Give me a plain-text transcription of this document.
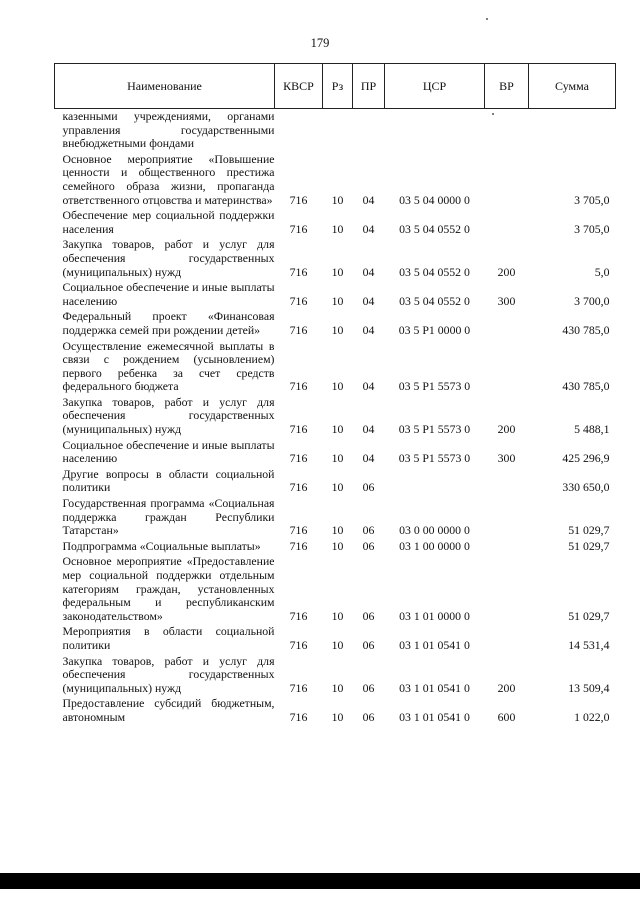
179
Наименование	КВСР	Рз	ПР	ЦСР	ВР	Сумма
казенными учреждениями, органами управления государственными внебюджетными фондами						
Основное мероприятие «Повышение ценности и общественного престижа семейного образа жизни, пропаганда ответственного отцовства и материнства»	716	10	04	03 5 04 0000 0		3 705,0
Обеспечение мер социальной поддержки населения	716	10	04	03 5 04 0552 0		3 705,0
Закупка товаров, работ и услуг для обеспечения государственных (муниципальных) нужд	716	10	04	03 5 04 0552 0	200	5,0
Социальное обеспечение и иные выплаты населению	716	10	04	03 5 04 0552 0	300	3 700,0
Федеральный проект «Финансовая поддержка семей при рождении детей»	716	10	04	03 5 P1 0000 0		430 785,0
Осуществление ежемесячной выплаты в связи с рождением (усыновлением) первого ребенка за счет средств федерального бюджета	716	10	04	03 5 P1 5573 0		430 785,0
Закупка товаров, работ и услуг для обеспечения государственных (муниципальных) нужд	716	10	04	03 5 P1 5573 0	200	5 488,1
Социальное обеспечение и иные выплаты населению	716	10	04	03 5 P1 5573 0	300	425 296,9
Другие вопросы в области социальной политики	716	10	06			330 650,0
Государственная программа «Социальная поддержка граждан Республики Татарстан»	716	10	06	03 0 00 0000 0		51 029,7
Подпрограмма «Социальные выплаты»	716	10	06	03 1 00 0000 0		51 029,7
Основное мероприятие «Предоставление мер социальной поддержки отдельным категориям граждан, установленных федеральным и республиканским законодательством»	716	10	06	03 1 01 0000 0		51 029,7
Мероприятия в области социальной политики	716	10	06	03 1 01 0541 0		14 531,4
Закупка товаров, работ и услуг для обеспечения государственных (муниципальных) нужд	716	10	06	03 1 01 0541 0	200	13 509,4
Предоставление субсидий бюджетным, автономным	716	10	06	03 1 01 0541 0	600	1 022,0
